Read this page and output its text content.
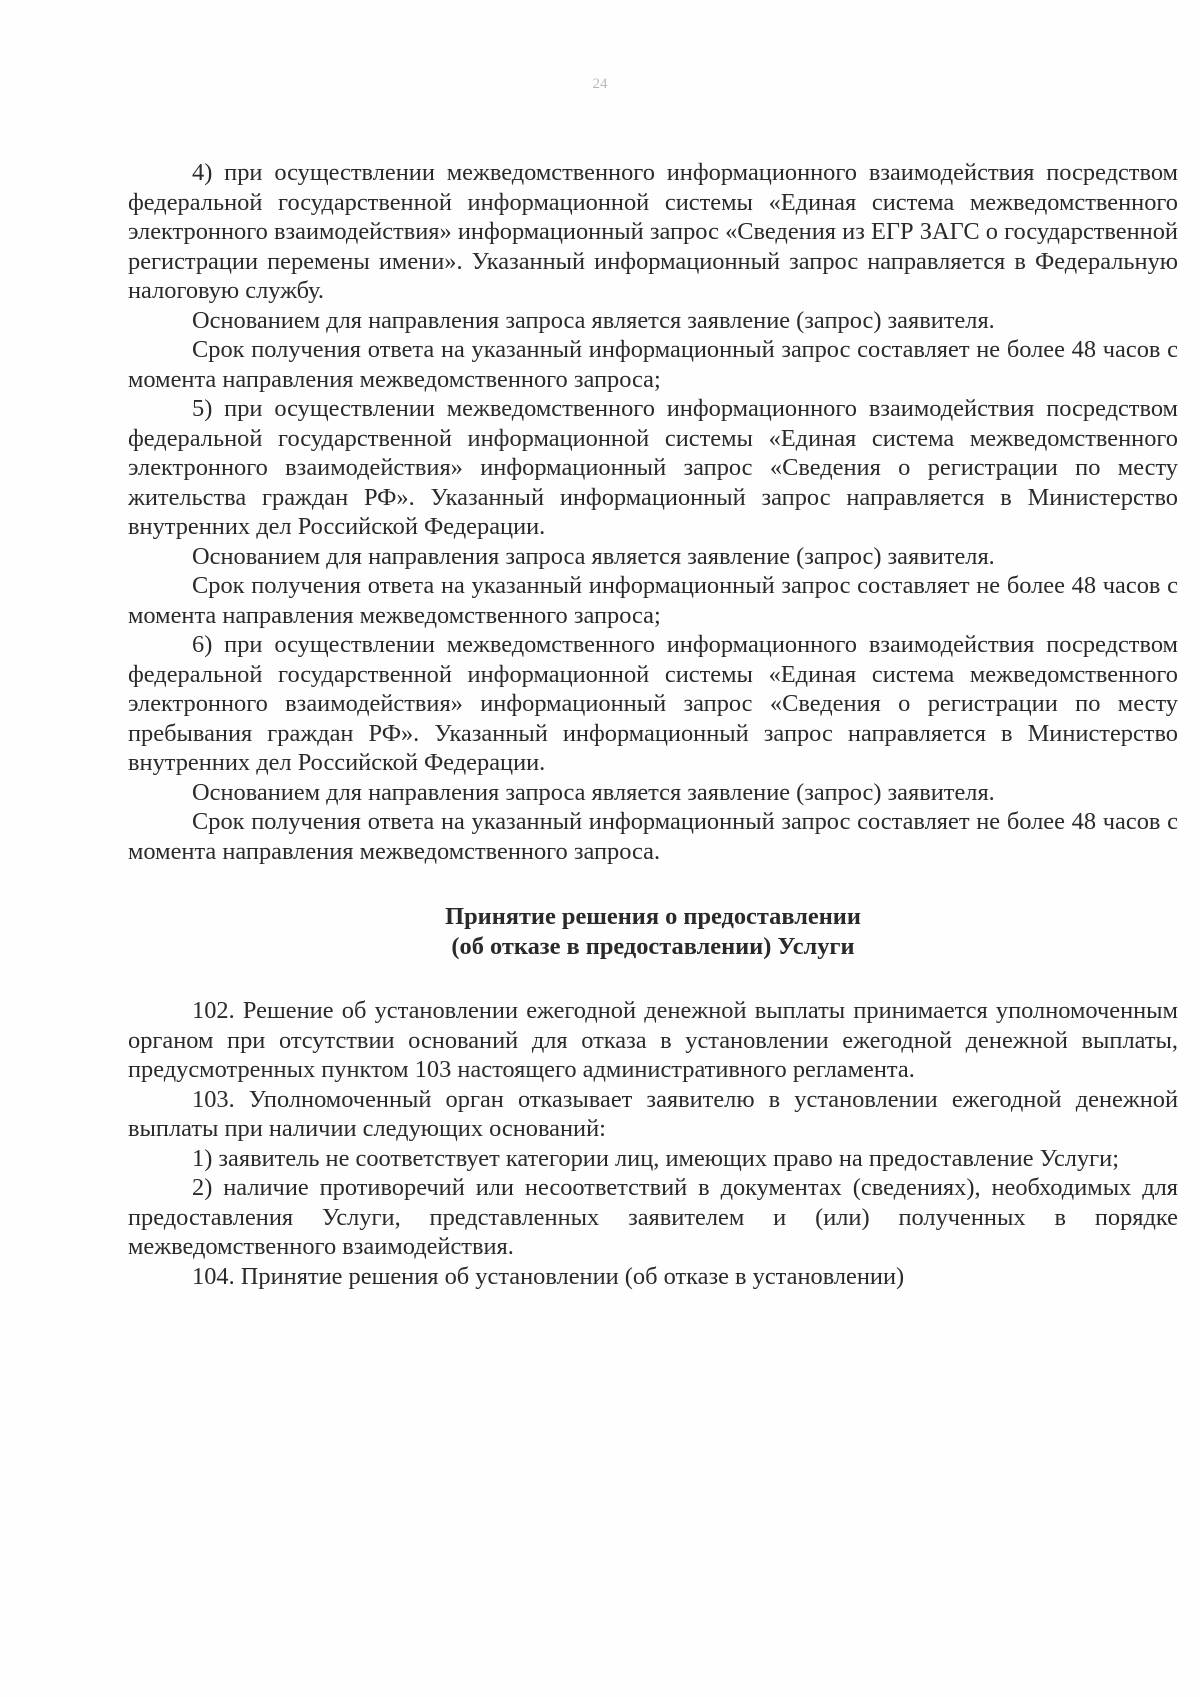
24

4) при осуществлении межведомственного информационного взаимодействия посредством федеральной государственной информационной системы «Единая система межведомственного электронного взаимодействия» информационный запрос «Сведения из ЕГР ЗАГС о государственной регистрации перемены имени». Указанный информационный запрос направляется в Федеральную налоговую службу.

Основанием для направления запроса является заявление (запрос) заявителя.

Срок получения ответа на указанный информационный запрос составляет не более 48 часов с момента направления межведомственного запроса;

5) при осуществлении межведомственного информационного взаимодействия посредством федеральной государственной информационной системы «Единая система межведомственного электронного взаимодействия» информационный запрос «Сведения о регистрации по месту жительства граждан РФ». Указанный информационный запрос направляется в Министерство внутренних дел Российской Федерации.

Основанием для направления запроса является заявление (запрос) заявителя.

Срок получения ответа на указанный информационный запрос составляет не более 48 часов с момента направления межведомственного запроса;

6) при осуществлении межведомственного информационного взаимодействия посредством федеральной государственной информационной системы «Единая система межведомственного электронного взаимодействия» информационный запрос «Сведения о регистрации по месту пребывания граждан РФ». Указанный информационный запрос направляется в Министерство внутренних дел Российской Федерации.

Основанием для направления запроса является заявление (запрос) заявителя.

Срок получения ответа на указанный информационный запрос составляет не более 48 часов с момента направления межведомственного запроса.

Принятие решения о предоставлении
(об отказе в предоставлении) Услуги

102. Решение об установлении ежегодной денежной выплаты принимается уполномоченным органом при отсутствии оснований для отказа в установлении ежегодной денежной выплаты, предусмотренных пунктом 103 настоящего административного регламента.

103. Уполномоченный орган отказывает заявителю в установлении ежегодной денежной выплаты при наличии следующих оснований:

1) заявитель не соответствует категории лиц, имеющих право на предоставление Услуги;

2) наличие противоречий или несоответствий в документах (сведениях), необходимых для предоставления Услуги, представленных заявителем и (или) полученных в порядке межведомственного взаимодействия.

104. Принятие решения об установлении (об отказе в установлении)
